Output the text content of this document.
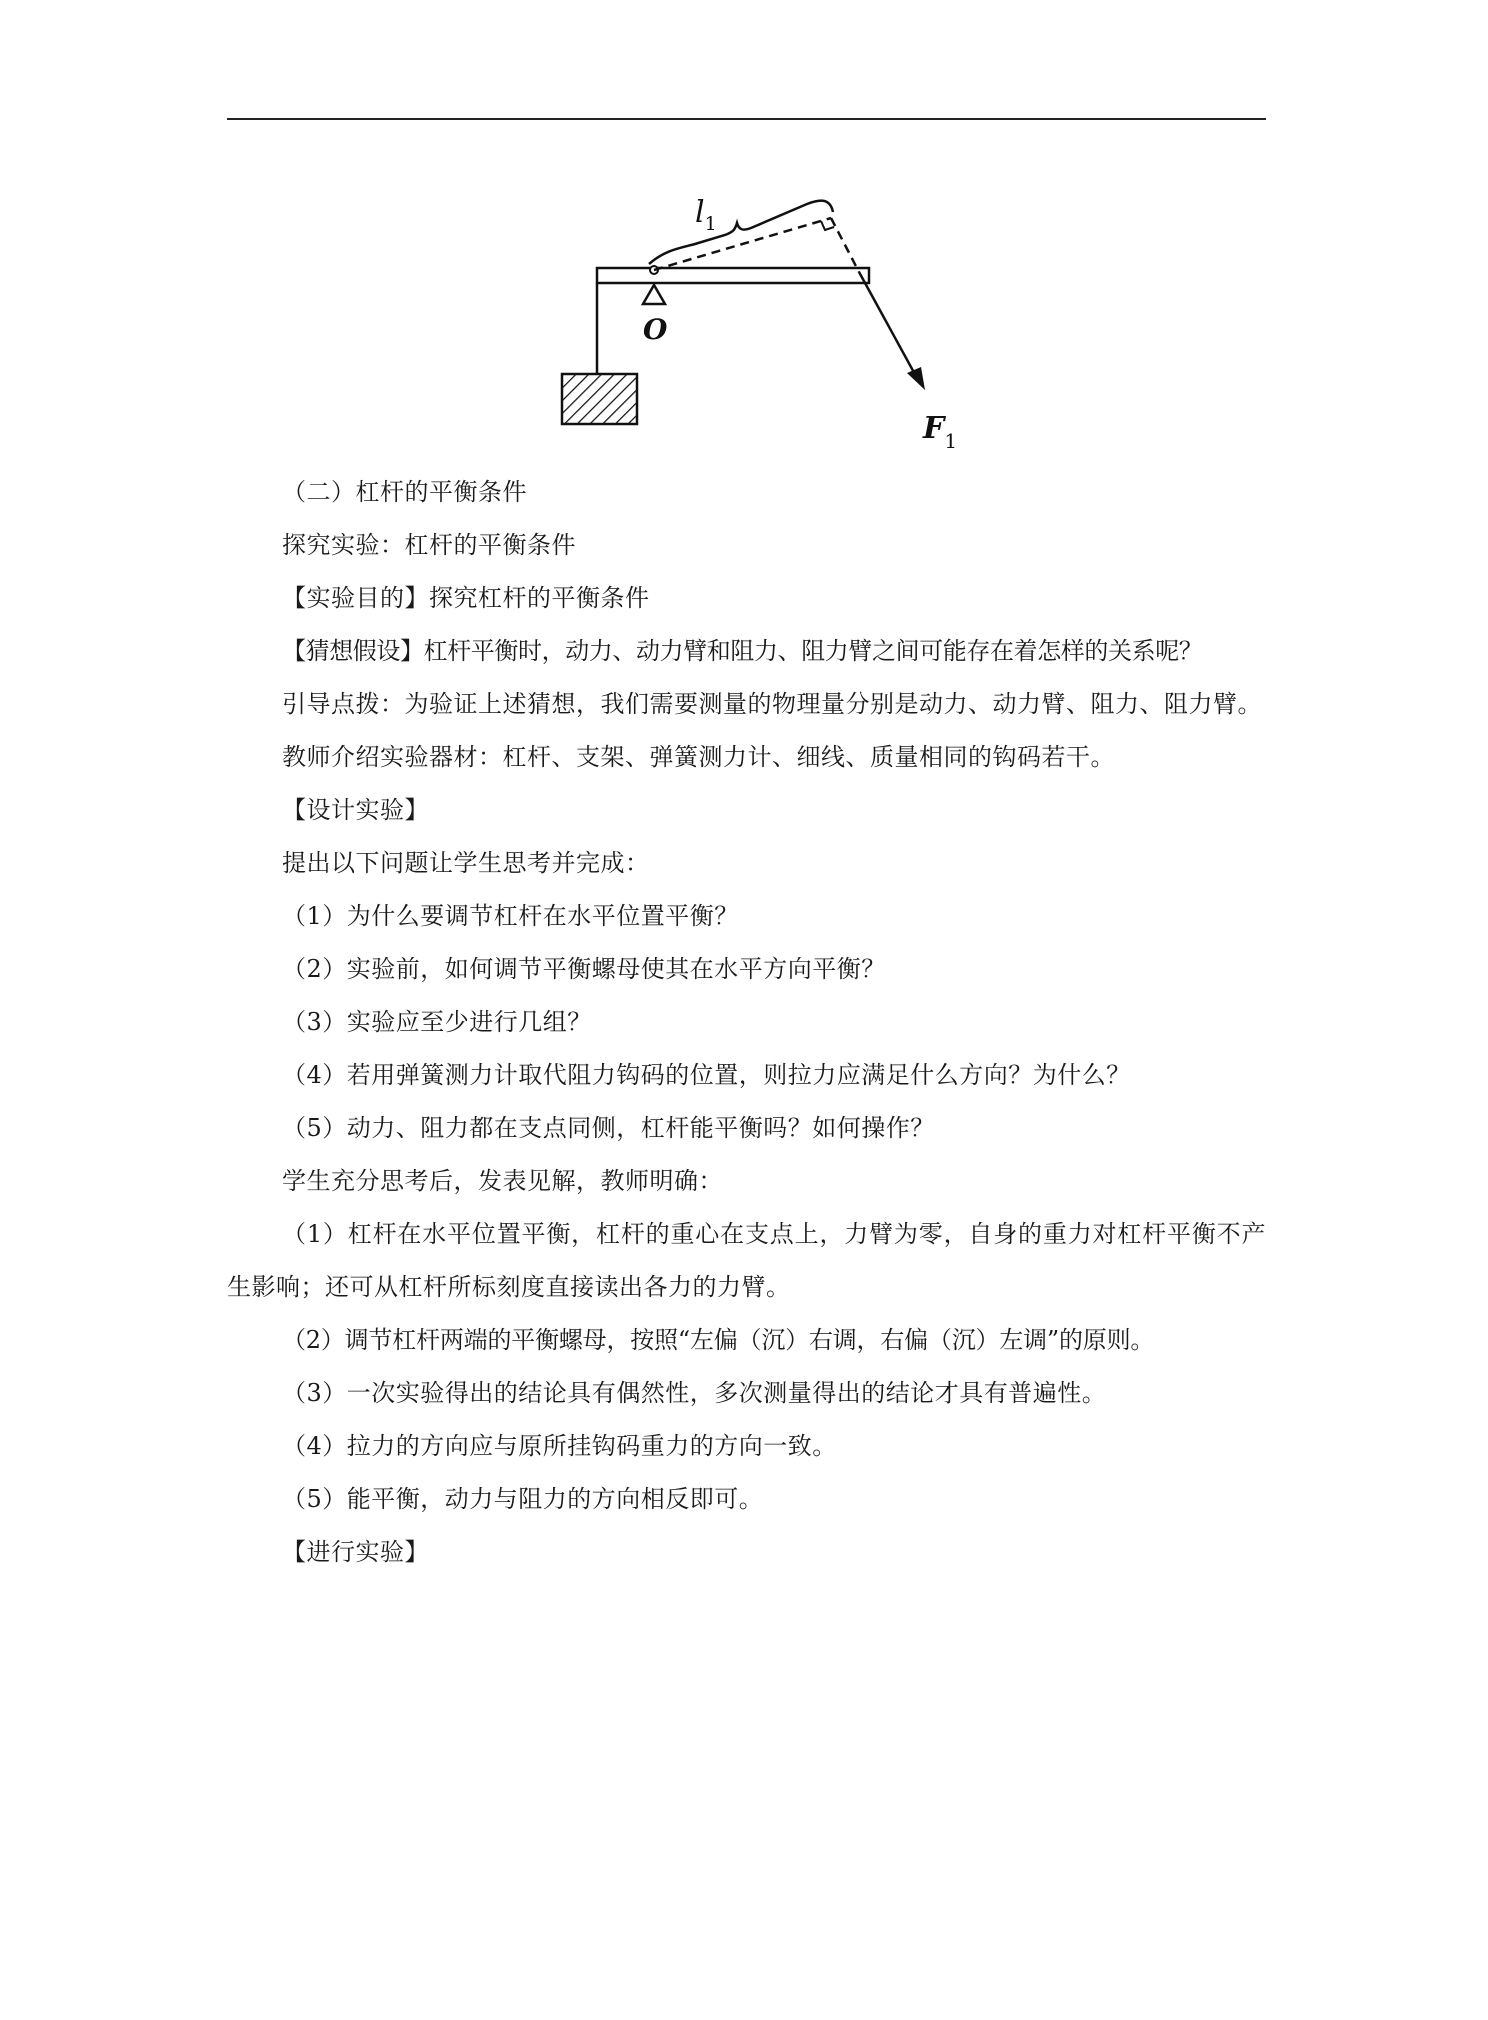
$l_1$
O
$F_1$

（二）杠杆的平衡条件

探究实验：杠杆的平衡条件

【实验目的】探究杠杆的平衡条件

【猜想假设】杠杆平衡时，动力、动力臂和阻力、阻力臂之间可能存在着怎样的关系呢？

引导点拨：为验证上述猜想，我们需要测量的物理量分别是动力、动力臂、阻力、阻力臂。

教师介绍实验器材：杠杆、支架、弹簧测力计、细线、质量相同的钩码若干。

【设计实验】

提出以下问题让学生思考并完成：

（1）为什么要调节杠杆在水平位置平衡？

（2）实验前，如何调节平衡螺母使其在水平方向平衡？

（3）实验应至少进行几组？

（4）若用弹簧测力计取代阻力钩码的位置，则拉力应满足什么方向？为什么？

（5）动力、阻力都在支点同侧，杠杆能平衡吗？如何操作？

学生充分思考后，发表见解，教师明确：

（1）杠杆在水平位置平衡，杠杆的重心在支点上，力臂为零，自身的重力对杠杆平衡不产生影响；还可从杠杆所标刻度直接读出各力的力臂。

（2）调节杠杆两端的平衡螺母，按照“左偏（沉）右调，右偏（沉）左调”的原则。

（3）一次实验得出的结论具有偶然性，多次测量得出的结论才具有普遍性。

（4）拉力的方向应与原所挂钩码重力的方向一致。

（5）能平衡，动力与阻力的方向相反即可。

【进行实验】
